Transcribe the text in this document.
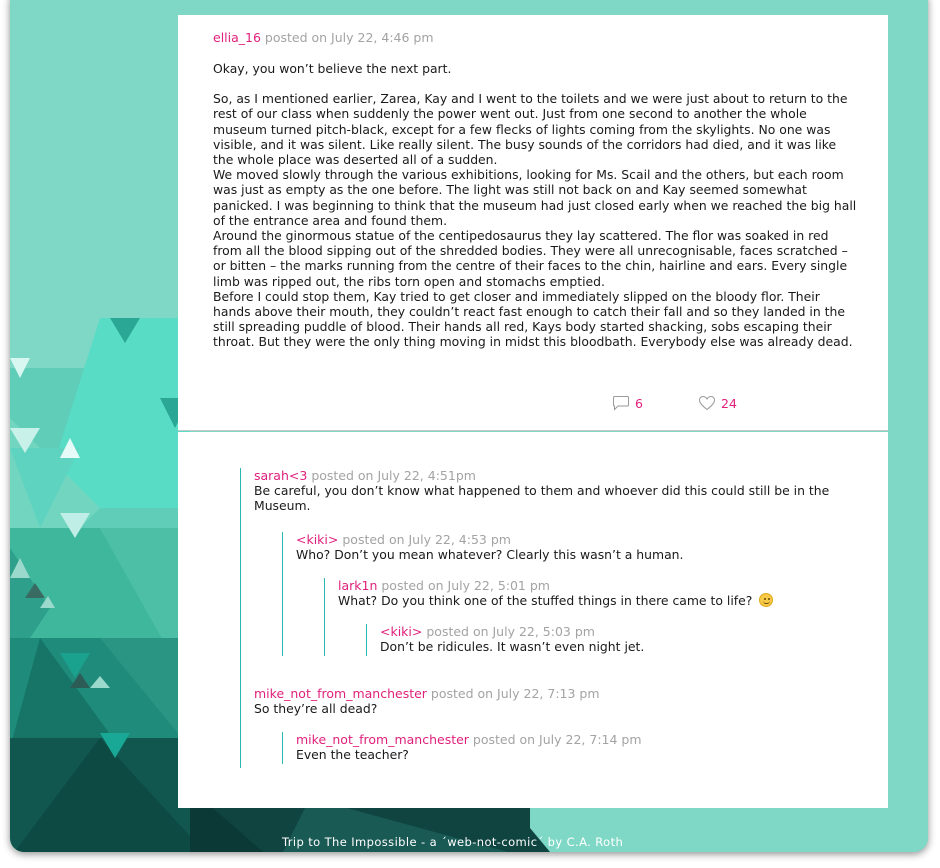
ellia_16 posted on July 22, 4:46 pm

Okay, you won’t believe the next part.

So, as I mentioned earlier, Zarea, Kay and I went to the toilets and we were just about to return to the rest of our class when suddenly the power went out. Just from one second to another the whole museum turned pitch-black, except for a few flecks of lights coming from the skylights. No one was visible, and it was silent. Like really silent. The busy sounds of the corridors had died, and it was like the whole place was deserted all of a sudden.

We moved slowly through the various exhibitions, looking for Ms. Scail and the others, but each room was just as empty as the one before. The light was still not back on and Kay seemed somewhat panicked. I was beginning to think that the museum had just closed early when we reached the big hall of the entrance area and found them.

Around the ginormous statue of the centipedosaurus they lay scattered. The flor was soaked in red from all the blood sipping out of the shredded bodies. They were all unrecognisable, faces scratched – or bitten – the marks running from the centre of their faces to the chin, hairline and ears. Every single limb was ripped out, the ribs torn open and stomachs emptied.

Before I could stop them, Kay tried to get closer and immediately slipped on the bloody flor. Their hands above their mouth, they couldn’t react fast enough to catch their fall and so they landed in the still spreading puddle of blood. Their hands all red, Kays body started shacking, sobs escaping their throat. But they were the only thing moving in midst this bloodbath. Everybody else was already dead.

6	24
sarah<3 posted on July 22, 4:51pm
Be careful, you don’t know what happened to them and whoever did this could still be in the Museum.
<kiki> posted on July 22, 4:53 pm
Who? Don’t you mean whatever? Clearly this wasn’t a human.
lark1n posted on July 22, 5:01 pm
What? Do you think one of the stuffed things in there came to life?
<kiki> posted on July 22, 5:03 pm
Don’t be ridicules. It wasn’t even night jet.
mike_not_from_manchester posted on July 22, 7:13 pm
So they’re all dead?
mike_not_from_manchester posted on July 22, 7:14 pm
Even the teacher?
Trip to The Impossible - a ´web-not-comic´ by C.A. Roth
